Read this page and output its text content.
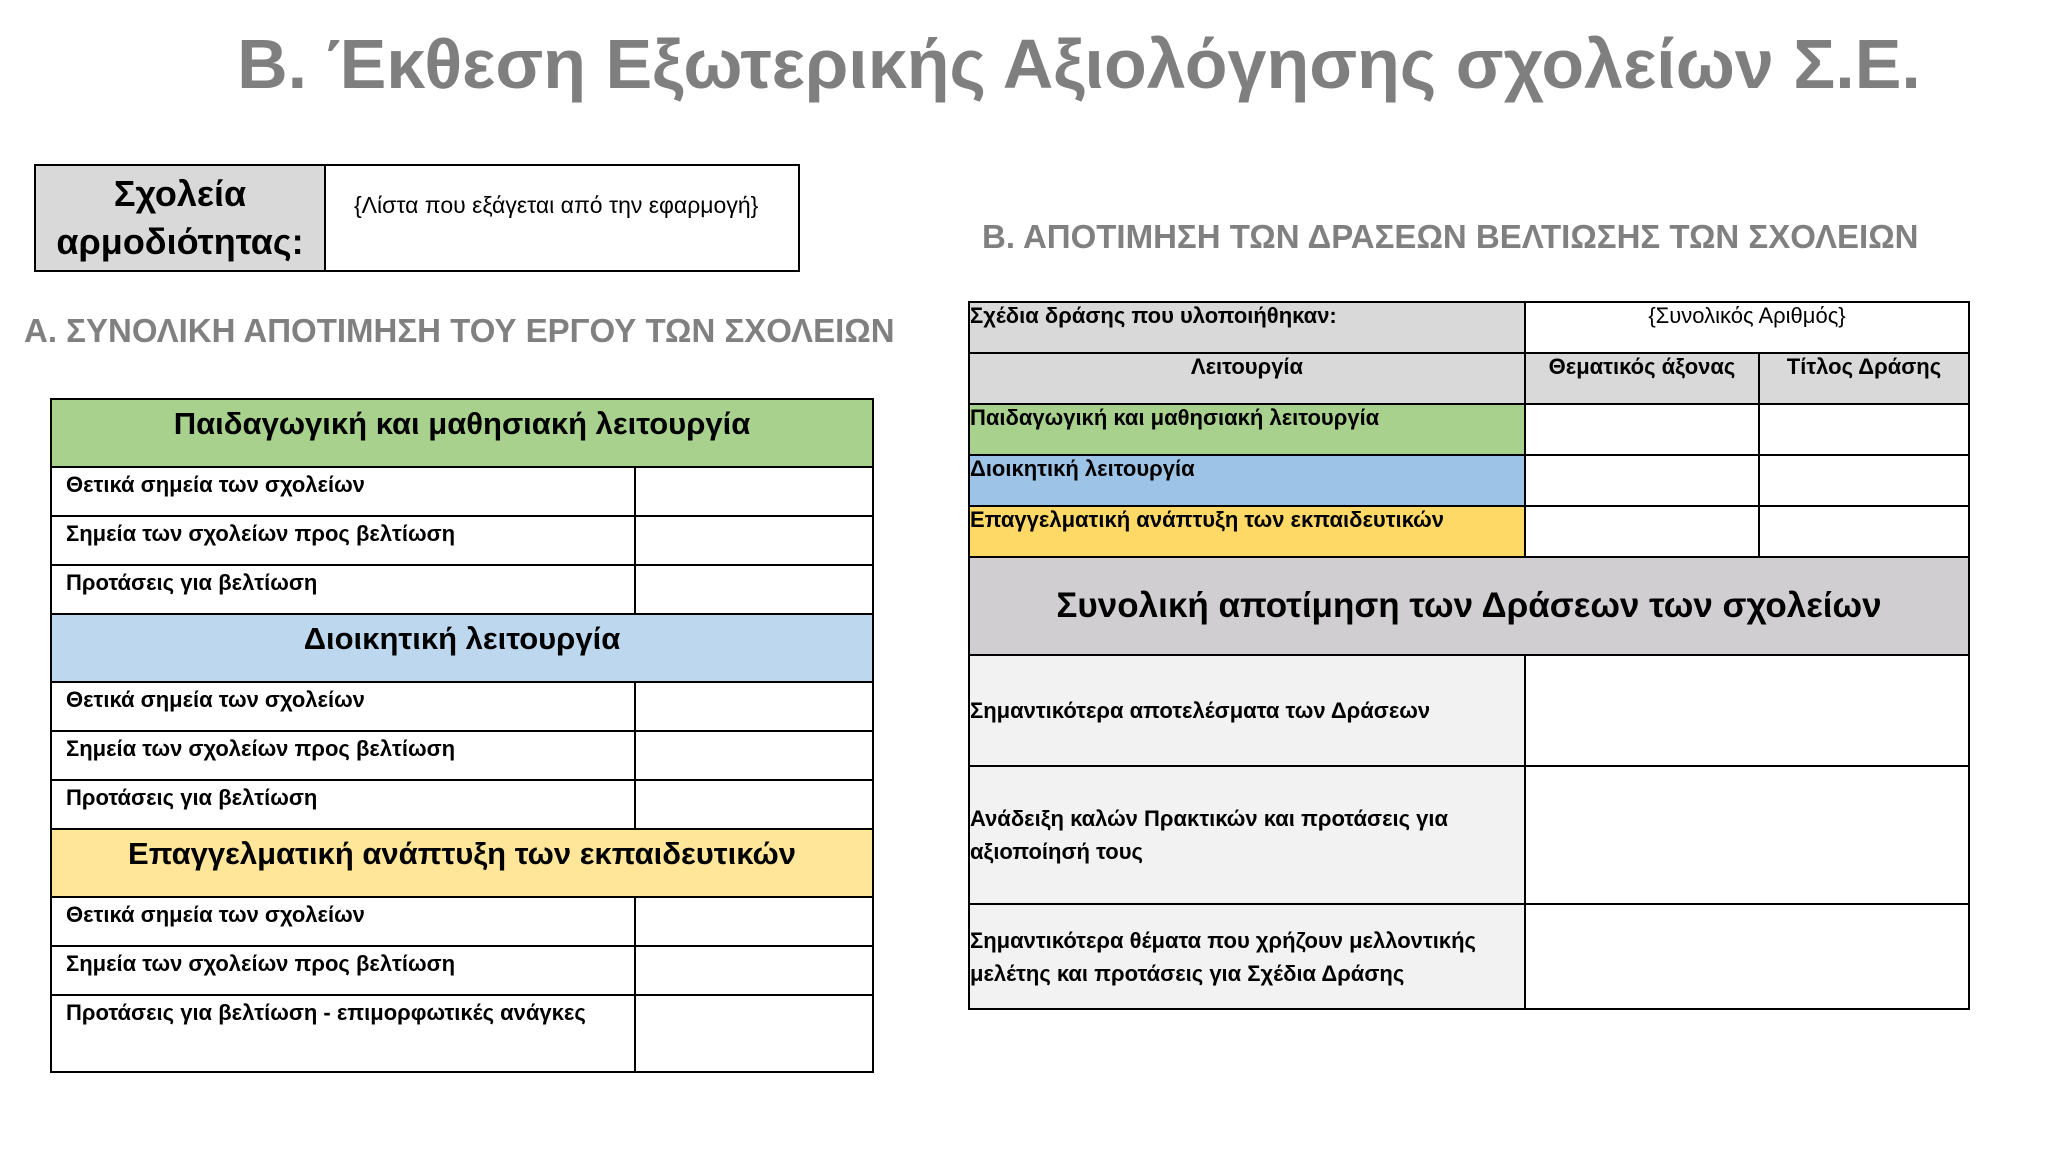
Β. Έκθεση Εξωτερικής Αξιολόγησης σχολείων Σ.Ε.
Σχολεία αρμοδιότητας:	{Λίστα που εξάγεται από την εφαρμογή}
Α. ΣΥΝΟΛΙΚΗ ΑΠΟΤΙΜΗΣΗ ΤΟΥ ΕΡΓΟΥ ΤΩΝ ΣΧΟΛΕΙΩΝ
Β. ΑΠΟΤΙΜΗΣΗ ΤΩΝ ΔΡΑΣΕΩΝ ΒΕΛΤΙΩΣΗΣ ΤΩΝ ΣΧΟΛΕΙΩΝ
Παιδαγωγική και μαθησιακή λειτουργία	
Θετικά σημεία των σχολείων	
Σημεία των σχολείων προς βελτίωση	
Προτάσεις για βελτίωση	
Διοικητική λειτουργία	
Θετικά σημεία των σχολείων	
Σημεία των σχολείων προς βελτίωση	
Προτάσεις για βελτίωση	
Επαγγελματική ανάπτυξη των εκπαιδευτικών	
Θετικά σημεία των σχολείων	
Σημεία των σχολείων προς βελτίωση	
Προτάσεις για βελτίωση - επιμορφωτικές ανάγκες	
Σχέδια δράσης που υλοποιήθηκαν:	{Συνολικός Αριθμός}	
Λειτουργία	Θεματικός άξονας	Τίτλος Δράσης
Παιδαγωγική και μαθησιακή λειτουργία		
Διοικητική λειτουργία		
Επαγγελματική ανάπτυξη των εκπαιδευτικών		
Συνολική αποτίμηση των Δράσεων των σχολείων		
Σημαντικότερα αποτελέσματα των Δράσεων		
Ανάδειξη καλών Πρακτικών και προτάσεις για αξιοποίησή τους		
Σημαντικότερα θέματα που χρήζουν μελλοντικής μελέτης και προτάσεις για Σχέδια Δράσης		
